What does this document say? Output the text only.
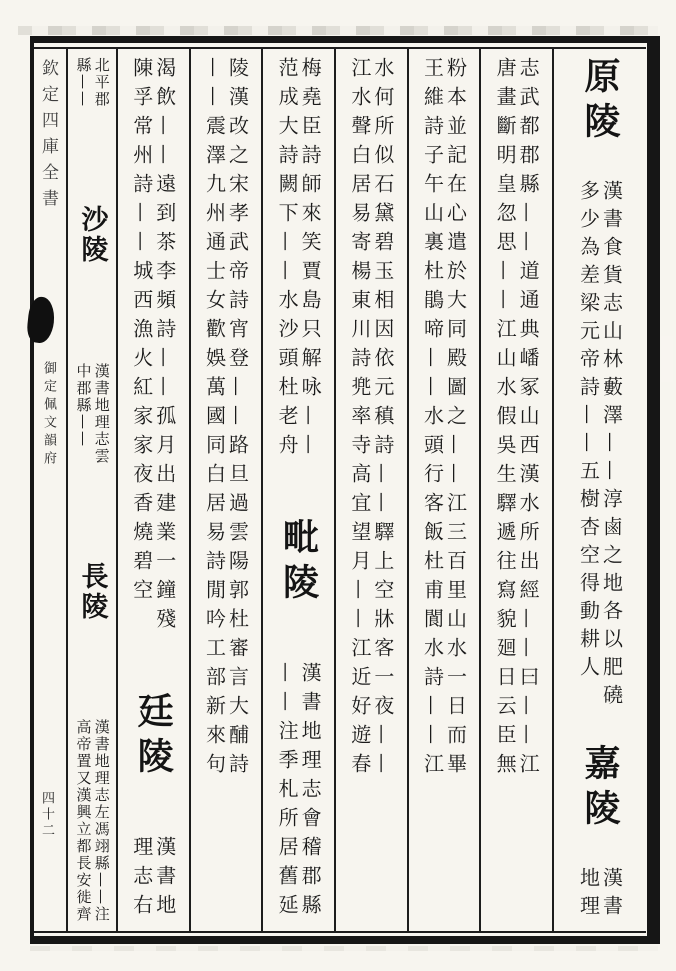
欽定四庫全書
御定佩文韻府
四十二
原陵
漢書食貨志山林藪澤——淳鹵之地各以肥磽
多少為差梁元帝詩——五樹杏空得動耕人
嘉陵
漢書
地理
志武都郡縣——道通典嶓冢山西漢水所出經——曰——江
唐畫斷明皇忽思——江山水假吳生驛遞往寫貌廻日云臣無
粉本並記在心遣於大同殿圖之——江三百里山水一日而畢
王維詩子午山裏杜鵑啼——水頭行客飯杜甫閬水詩——江
水何所似石黛碧玉相因依元稹詩——驛上空牀客一夜——
江水聲白居易寄楊東川詩兠率寺高宜望月——江近好遊春
梅堯臣詩師來笑賈島只解咏——
范成大詩闕下——水沙頭杜老舟
毗陵
漢書地理志會稽郡縣
——注季札所居舊延
陵漢改之宋孝武帝詩宵登——路旦過雲陽郭杜審言大酺詩
——震澤九州通士女歡娛萬國同白居易詩閒吟工部新來句
渴飲——遠到茶李頻詩——孤月出建業一鐘殘
陳孚常州詩——城西漁火紅家家夜香燒碧空
廷陵
漢書地
理志右
北平郡
縣——
沙陵
漢書地理志雲
中郡縣——
長陵
漢書地理志左馮翊縣——注
高帝置又漢興立都長安徙齊
